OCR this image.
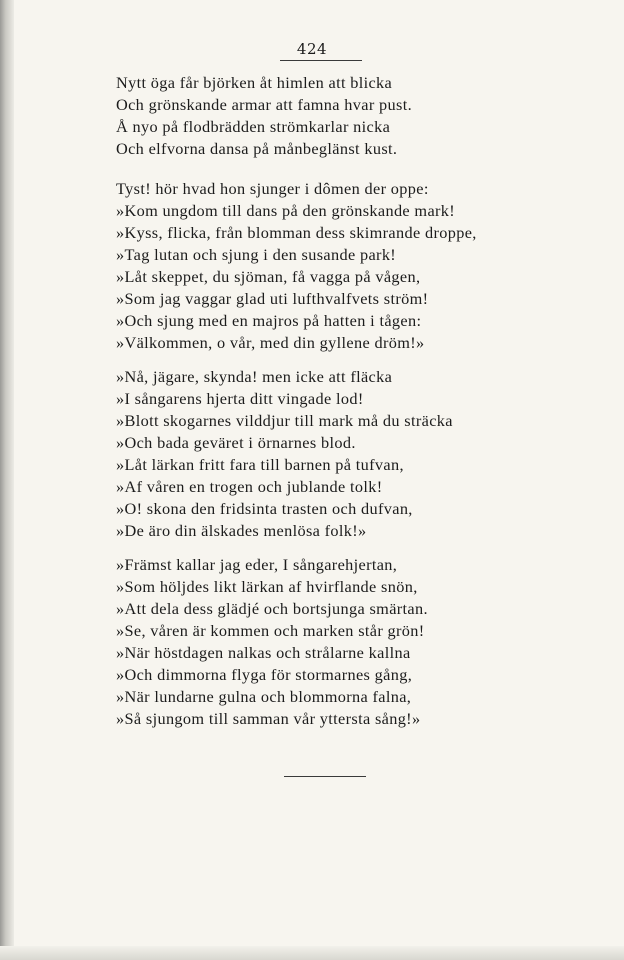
424
Nytt öga får björken åt himlen att blicka
Och grönskande armar att famna hvar pust.
Å nyo på flodbrädden strömkarlar nicka
Och elfvorna dansa på månbeglänst kust.
Tyst! hör hvad hon sjunger i dômen der oppe:
»Kom ungdom till dans på den grönskande mark!
»Kyss, flicka, från blomman dess skimrande droppe,
»Tag lutan och sjung i den susande park!
»Låt skeppet, du sjöman, få vagga på vågen,
»Som jag vaggar glad uti lufthvalfvets ström!
»Och sjung med en majros på hatten i tågen:
»Välkommen, o vår, med din gyllene dröm!»
»Nå, jägare, skynda! men icke att fläcka
»I sångarens hjerta ditt vingade lod!
»Blott skogarnes vilddjur till mark må du sträcka
»Och bada geväret i örnarnes blod.
»Låt lärkan fritt fara till barnen på tufvan,
»Af våren en trogen och jublande tolk!
»O! skona den fridsinta trasten och dufvan,
»De äro din älskades menlösa folk!»
»Främst kallar jag eder, I sångarehjertan,
»Som höljdes likt lärkan af hvirflande snön,
»Att dela dess glädjé och bortsjunga smärtan.
»Se, våren är kommen och marken står grön!
»När höstdagen nalkas och strålarne kallna
»Och dimmorna flyga för stormarnes gång,
»När lundarne gulna och blommorna falna,
»Så sjungom till samman vår yttersta sång!»
